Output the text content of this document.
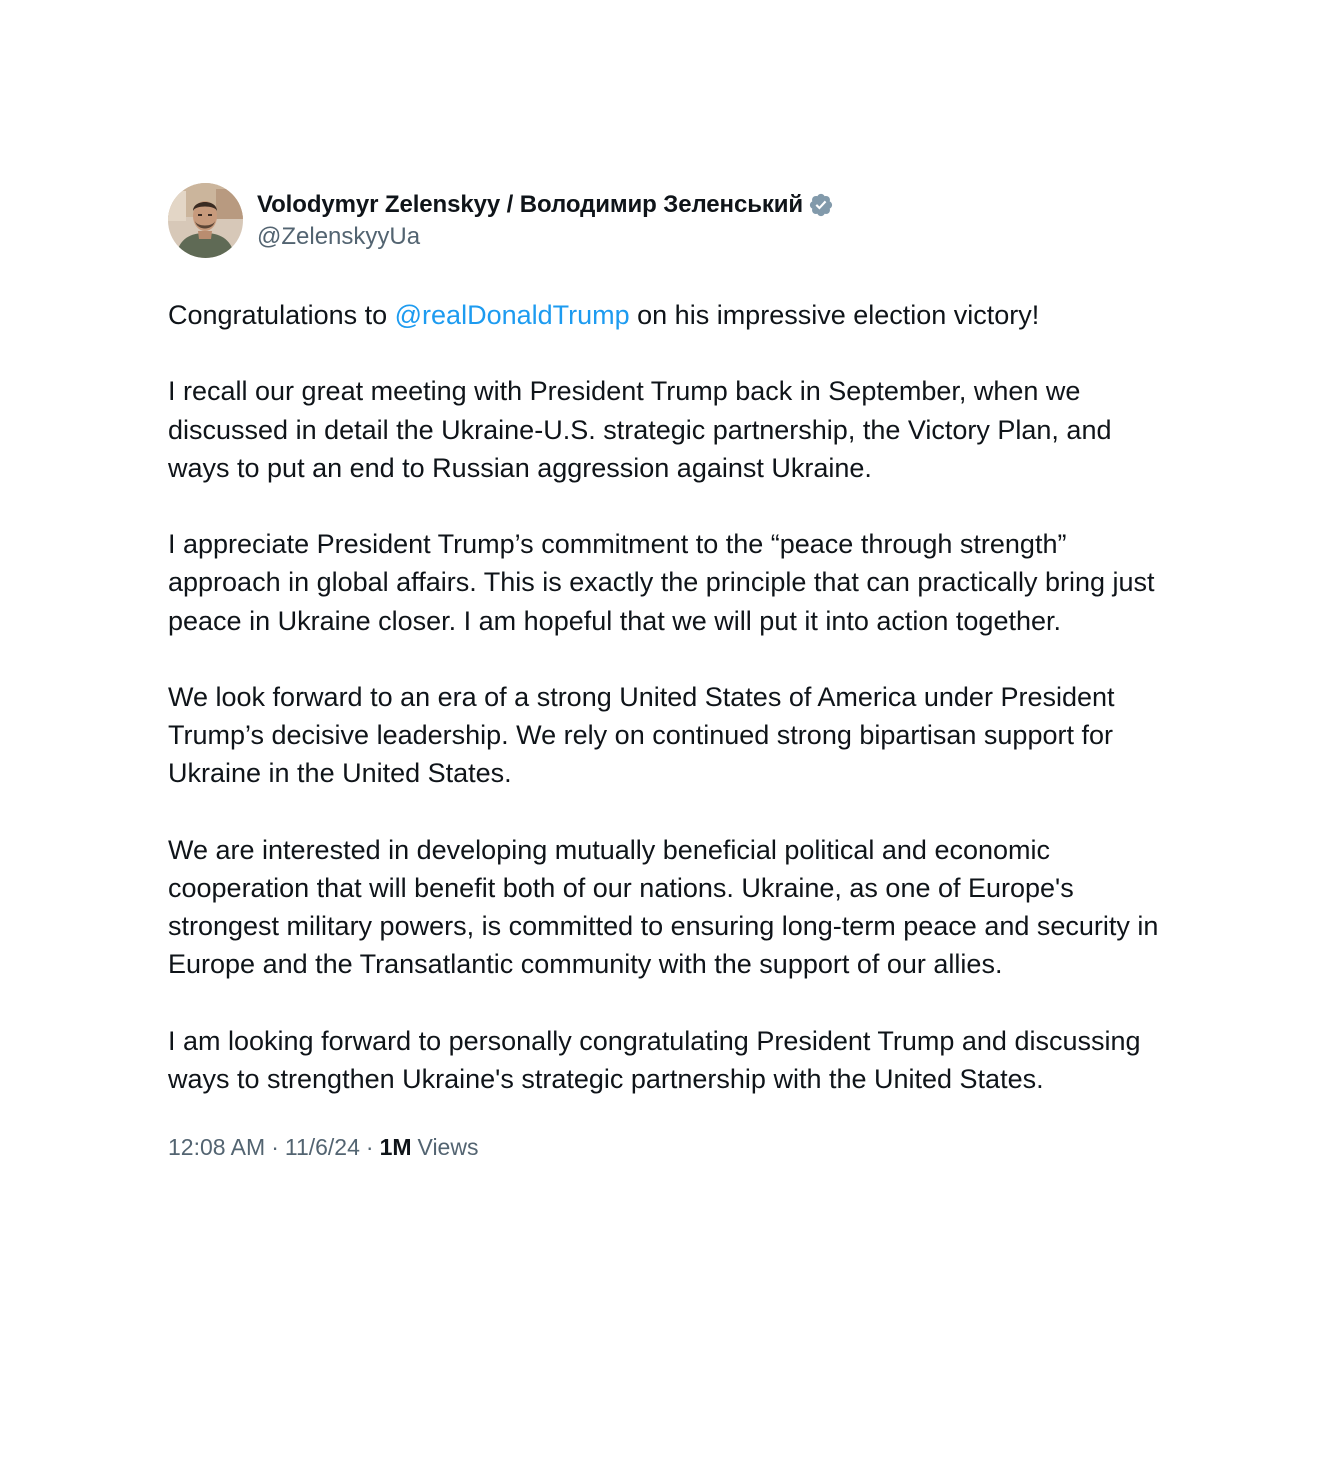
Volodymyr Zelenskyy / Володимир Зеленський
@ZelenskyyUa

Congratulations to @realDonaldTrump on his impressive election victory!

I recall our great meeting with President Trump back in September, when we discussed in detail the Ukraine-U.S. strategic partnership, the Victory Plan, and ways to put an end to Russian aggression against Ukraine.

I appreciate President Trump’s commitment to the “peace through strength” approach in global affairs. This is exactly the principle that can practically bring just peace in Ukraine closer. I am hopeful that we will put it into action together.

We look forward to an era of a strong United States of America under President Trump’s decisive leadership. We rely on continued strong bipartisan support for Ukraine in the United States.

We are interested in developing mutually beneficial political and economic cooperation that will benefit both of our nations. Ukraine, as one of Europe's strongest military powers, is committed to ensuring long-term peace and security in Europe and the Transatlantic community with the support of our allies.

I am looking forward to personally congratulating President Trump and discussing ways to strengthen Ukraine's strategic partnership with the United States.

12:08 AM · 11/6/24 · 1M Views
